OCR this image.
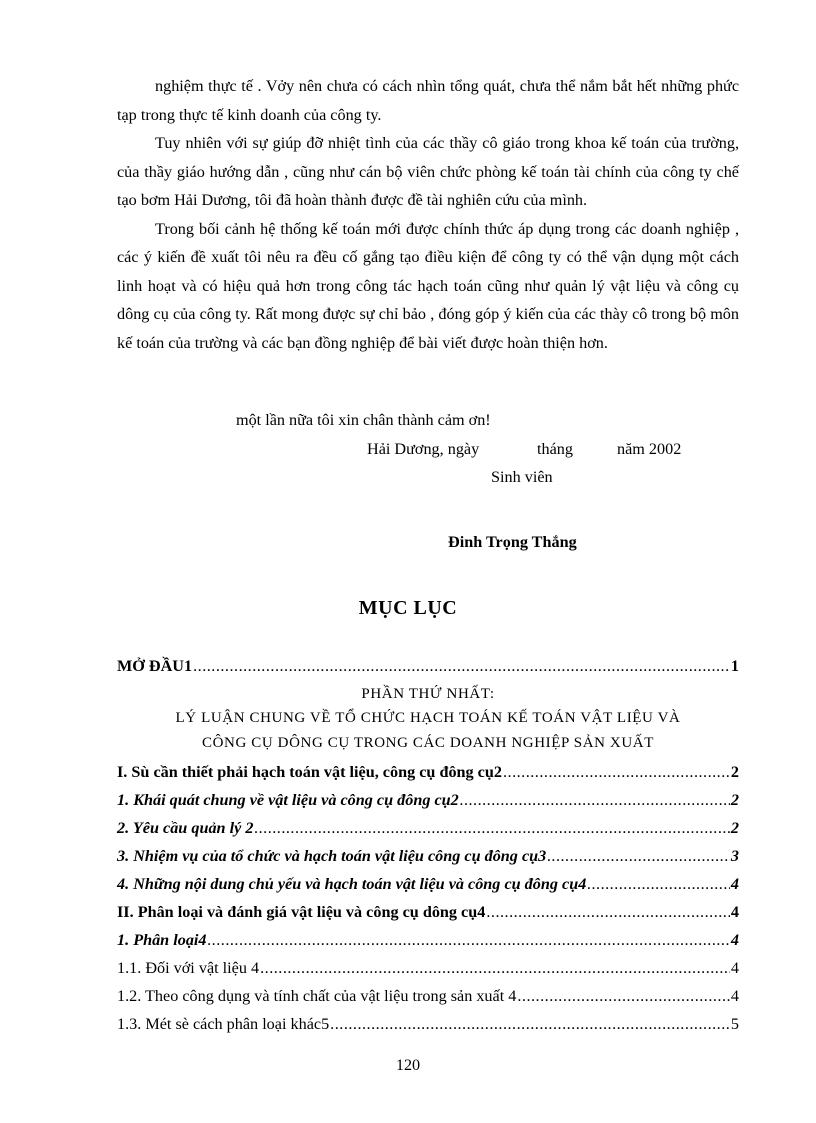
nghiệm thực tế . Vởy nên chưa có cách nhìn tổng quát, chưa thể nắm bắt hết những phức tạp trong thực tế kinh doanh của công ty.

Tuy nhiên với sự giúp đỡ nhiệt tình của các thầy cô giáo trong khoa kế toán của trường, của thầy giáo hướng dẫn , cũng như cán bộ viên chức phòng kế toán tài chính của công ty chế tạo bơm Hải Dương, tôi đã hoàn thành được đề tài nghiên cứu của mình.

Trong bối cảnh hệ thống kế toán mới được chính thức áp dụng trong các doanh nghiệp , các ý kiến đề xuất tôi nêu ra đều cố gắng tạo điều kiện để công ty có thể vận dụng một cách linh hoạt và có hiệu quả hơn trong công tác hạch toán cũng như quản lý vật liệu và công cụ dông cụ của công ty. Rất mong được sự chỉ bảo , đóng góp ý kiến của các thày cô trong bộ môn kế toán của trường và các bạn đồng nghiệp để bài viết được hoàn thiện hơn.

một lần nữa tôi xin chân thành cảm ơn!
Hải Dương, ngày	tháng	năm 2002
Sinh viên
Đinh Trọng Thắng
MỤC LỤC
MỞ ĐẦU1 .....	1
PHẦN THỨ NHẤT:
LÝ LUẬN CHUNG VỀ TỔ CHỨC HẠCH TOÁN KẾ TOÁN VẬT LIỆU VÀ
CÔNG CỤ DÔNG CỤ TRONG CÁC DOANH NGHIỆP SẢN XUẤT
I. Sù cần thiết phải hạch toán vật liệu, công cụ đông cụ2 .....	2
1. Khái quát chung về vật liệu và công cụ đông cụ2 .....	2
2. Yêu cầu quản lý 2 .....	2
3. Nhiệm vụ của tổ chức và hạch toán vật liệu công cụ đông cụ3 .....	3
4. Những nội dung chủ yếu và hạch toán vật liệu và công cụ đông cụ4 .....	4
II. Phân loại và đánh giá vật liệu và công cụ dông cụ4 .....	4
1. Phân loại4 .....	4
1.1. Đối với vật liệu 4 .....	4
1.2. Theo công dụng và tính chất của vật liệu trong sản xuất 4 .....	4
1.3. Mét sè cách phân loại khác5 .....	5
120
